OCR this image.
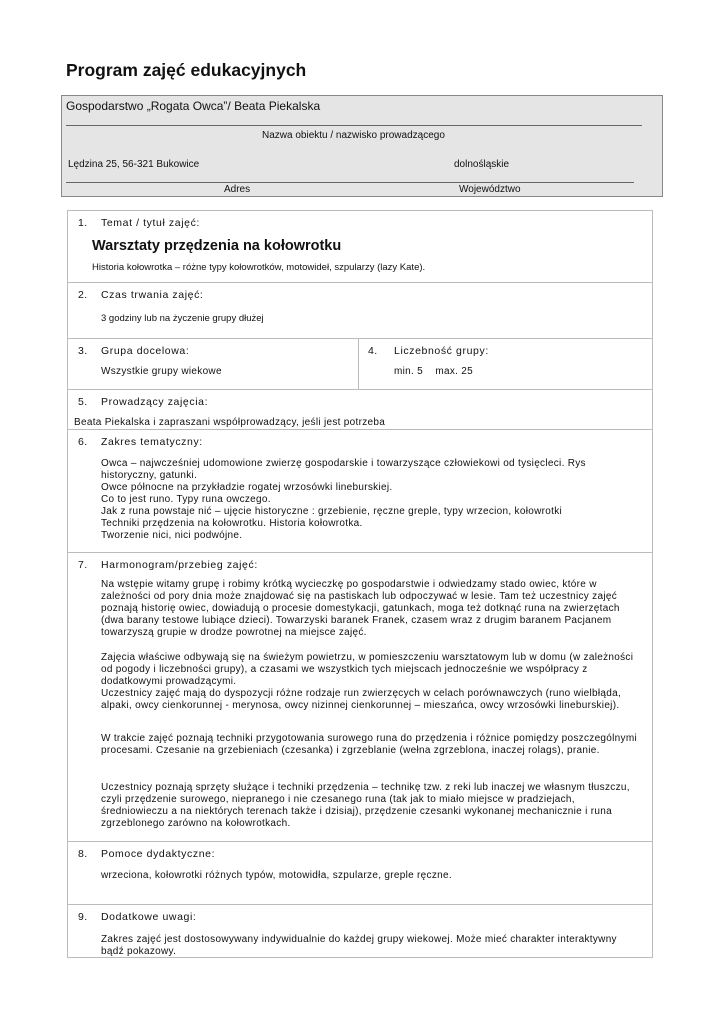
Program zajęć edukacyjnych
Gospodarstwo „Rogata Owca”/ Beata Piekalska
Nazwa obiektu / nazwisko prowadzącego
Lędzina 25, 56-321 Bukowice	dolnośląskie
Adres	Województwo
1. Temat / tytuł zajęć:
Warsztaty przędzenia na kołowrotku
Historia kołowrotka – różne typy kołowrotków, motowideł, szpularzy (lazy Kate).
2. Czas trwania zajęć:
3 godziny lub na życzenie grupy dłużej
3. Grupa docelowa:
Wszystkie grupy wiekowe
4. Liczebność grupy:
min. 5    max. 25
5. Prowadzący zajęcia:
Beata Piekalska i zapraszani współprowadzący, jeśli jest potrzeba
6. Zakres tematyczny:
Owca – najwcześniej udomowione zwierzę gospodarskie i towarzyszące człowiekowi od tysięcleci. Rys historyczny, gatunki.
Owce północne na przykładzie rogatej wrzosówki lineburskiej.
Co to jest runo. Typy runa owczego.
Jak z runa powstaje nić – ujęcie historyczne : grzebienie, ręczne greple, typy wrzecion, kołowrotki
Techniki przędzenia na kołowrotku. Historia kołowrotka.
Tworzenie nici, nici podwójne.
7. Harmonogram/przebieg zajęć:
Na wstępie witamy grupę i robimy krótką wycieczkę po gospodarstwie i odwiedzamy stado owiec, które w zależności od pory dnia może znajdować się na pastiskach lub odpoczywać w lesie. Tam też uczestnicy zajęć poznają historię owiec, dowiadują o procesie domestykacji, gatunkach, moga też dotknąć runa na zwierzętach (dwa barany testowe lubiące dzieci). Towarzyski baranek Franek, czasem wraz z drugim baranem Pacjanem towarzyszą grupie w drodze powrotnej na miejsce zajęć.
Zajęcia właściwe odbywają się na świeżym powietrzu, w pomieszczeniu warsztatowym lub w domu (w zależności od pogody i liczebności grupy), a czasami we wszystkich tych miejscach jednocześnie we współpracy z dodatkowymi prowadzącymi.
Uczestnicy zajęć mają do dyspozycji różne rodzaje run zwierzęcych w celach porównawczych (runo wielbłąda, alpaki, owcy cienkorunnej - merynosa, owcy nizinnej cienkorunnej – mieszańca, owcy wrzosówki lineburskiej).
W trakcie zajęć poznają techniki przygotowania surowego runa do przędzenia i różnice pomiędzy poszczególnymi procesami. Czesanie na grzebieniach (czesanka) i zgrzeblanie (wełna zgrzeblona, inaczej rolags), pranie.
Uczestnicy poznają sprzęty służące i techniki przędzenia – technikę tzw. z reki lub inaczej we własnym tłuszczu, czyli przędzenie surowego, niepranego i nie czesanego runa (tak jak to miało miejsce w pradziejach, średniowieczu a na niektórych terenach także i dzisiaj), przędzenie czesanki wykonanej mechanicznie i runa zgrzeblonego zarówno na kołowrotkach.
8. Pomoce dydaktyczne:
wrzeciona, kołowrotki różnych typów, motowidła, szpularze, greple ręczne.
9. Dodatkowe uwagi:
Zakres zajęć jest dostosowywany indywidualnie do każdej grupy wiekowej. Może mieć charakter interaktywny bądź pokazowy.
